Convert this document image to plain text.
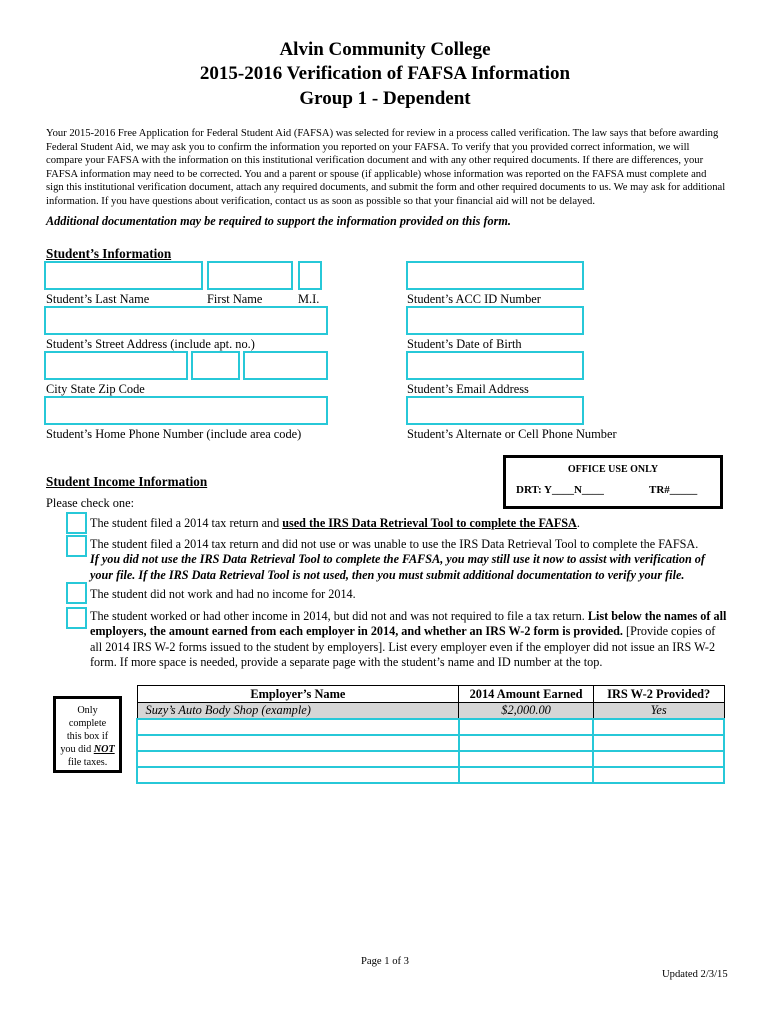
Alvin Community College
2015-2016 Verification of FAFSA Information
Group 1 - Dependent
Your 2015-2016 Free Application for Federal Student Aid (FAFSA) was selected for review in a process called verification. The law says that before awarding Federal Student Aid, we may ask you to confirm the information you reported on your FAFSA. To verify that you provided correct information, we will compare your FAFSA with the information on this institutional verification document and with any other required documents. If there are differences, your FAFSA information may need to be corrected. You and a parent or spouse (if applicable) whose information was reported on the FAFSA must complete and sign this institutional verification document, attach any required documents, and submit the form and other required documents to us. We may ask for additional information. If you have questions about verification, contact us as soon as possible so that your financial aid will not be delayed.
Additional documentation may be required to support the information provided on this form.
Student’s Information
Student’s Last Name	First Name	M.I.	Student’s ACC ID Number
Student’s Street Address (include apt. no.)	Student’s Date of Birth
City State Zip Code	Student’s Email Address
Student’s Home Phone Number (include area code)	Student’s Alternate or Cell Phone Number
OFFICE USE ONLY
DRT: Y____N____	TR#_____
Student Income Information
Please check one:
The student filed a 2014 tax return and used the IRS Data Retrieval Tool to complete the FAFSA.
The student filed a 2014 tax return and did not use or was unable to use the IRS Data Retrieval Tool to complete the FAFSA.
If you did not use the IRS Data Retrieval Tool to complete the FAFSA, you may still use it now to assist with verification of your file. If the IRS Data Retrieval Tool is not used, then you must submit additional documentation to verify your file.
The student did not work and had no income for 2014.
The student worked or had other income in 2014, but did not and was not required to file a tax return. List below the names of all employers, the amount earned from each employer in 2014, and whether an IRS W-2 form is provided. [Provide copies of all 2014 IRS W-2 forms issued to the student by employers]. List every employer even if the employer did not issue an IRS W-2 form. If more space is needed, provide a separate page with the student’s name and ID number at the top.
Only
complete
this box if
you did NOT
file taxes.
Employer’s Name	2014 Amount Earned	IRS W-2 Provided?
Suzy’s Auto Body Shop (example)	$2,000.00	Yes

Page 1 of 3
Updated 2/3/15
